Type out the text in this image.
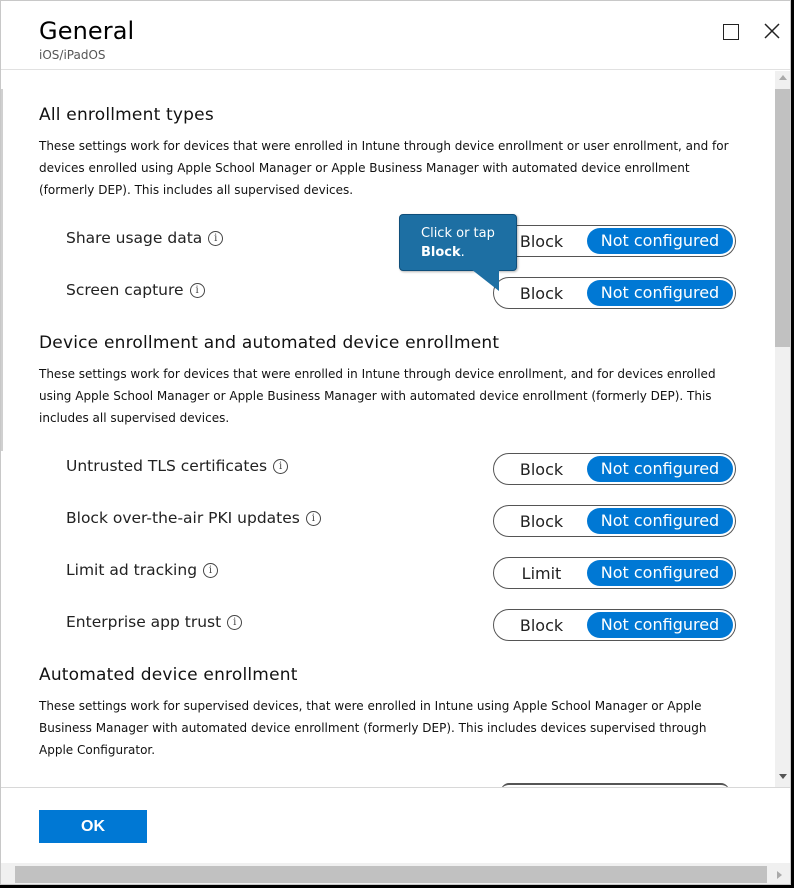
General
iOS/iPadOS
All enrollment types
These settings work for devices that were enrolled in Intune through device enrollment or user enrollment, and for devices enrolled using Apple School Manager or Apple Business Manager with automated device enrollment (formerly DEP). This includes all supervised devices.
Share usage data	i	Block	Not configured
Screen capture	i	Block	Not configured
Device enrollment and automated device enrollment
These settings work for devices that were enrolled in Intune through device enrollment, and for devices enrolled using Apple School Manager or Apple Business Manager with automated device enrollment (formerly DEP). This includes all supervised devices.
Untrusted TLS certificates	i	Block	Not configured
Block over-the-air PKI updates	i	Block	Not configured
Limit ad tracking	i	Limit	Not configured
Enterprise app trust	i	Block	Not configured
Automated device enrollment
These settings work for supervised devices, that were enrolled in Intune using Apple School Manager or Apple Business Manager with automated device enrollment (formerly DEP). This includes devices supervised through Apple Configurator.
Click or tap
Block.
OK
